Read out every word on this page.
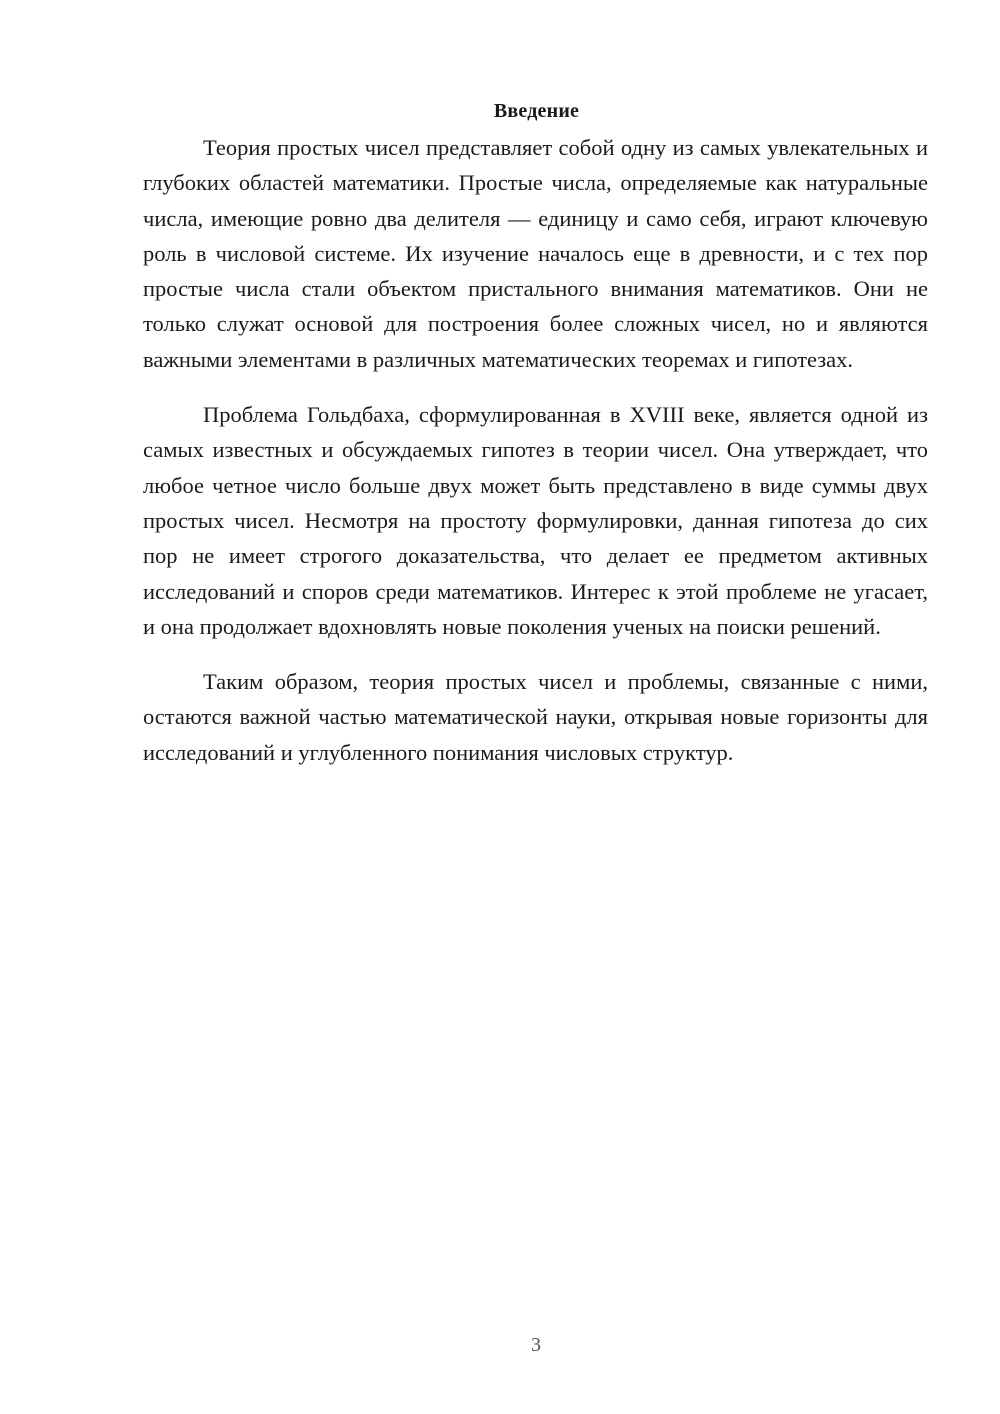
Введение

Теория простых чисел представляет собой одну из самых увлекательных и глубоких областей математики. Простые числа, определяемые как натуральные числа, имеющие ровно два делителя — единицу и само себя, играют ключевую роль в числовой системе. Их изучение началось еще в древности, и с тех пор простые числа стали объектом пристального внимания математиков. Они не только служат основой для построения более сложных чисел, но и являются важными элементами в различных математических теоремах и гипотезах.

Проблема Гольдбаха, сформулированная в XVIII веке, является одной из самых известных и обсуждаемых гипотез в теории чисел. Она утверждает, что любое четное число больше двух может быть представлено в виде суммы двух простых чисел. Несмотря на простоту формулировки, данная гипотеза до сих пор не имеет строгого доказательства, что делает ее предметом активных исследований и споров среди математиков. Интерес к этой проблеме не угасает, и она продолжает вдохновлять новые поколения ученых на поиски решений.

Таким образом, теория простых чисел и проблемы, связанные с ними, остаются важной частью математической науки, открывая новые горизонты для исследований и углубленного понимания числовых структур.

3
